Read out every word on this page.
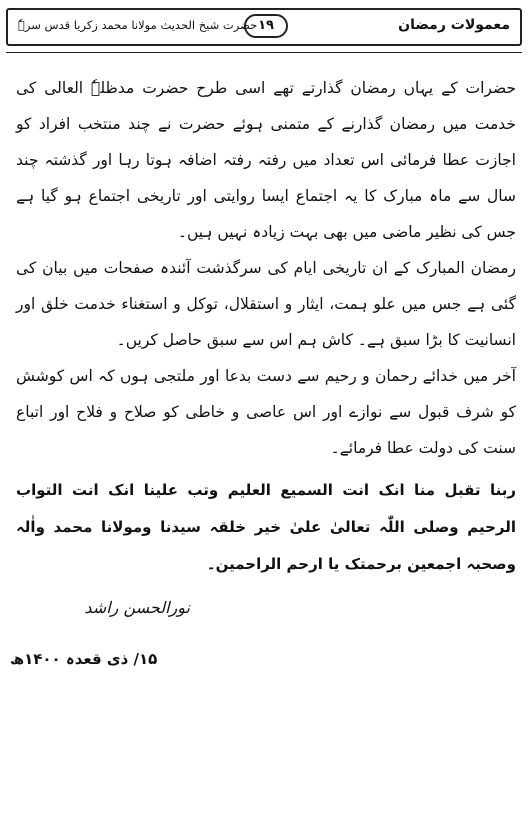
معمولات رمضان
١٩
حضرت شیخ الحدیث مولانا محمد زکریا قدس سرہٗ

حضرات کے یہاں رمضان گذارتے تھے اسی طرح حضرت مدظلہٗ العالی کی خدمت میں رمضان گذارنے کے متمنی ہوئے حضرت نے چند منتخب افراد کو اجازت عطا فرمائی اس تعداد میں رفتہ رفتہ اضافہ ہوتا رہا اور گذشتہ چند سال سے ماہ مبارک کا یہ اجتماع ایسا روایتی اور تاریخی اجتماع ہو گیا ہے جس کی نظیر ماضی میں بھی بہت زیادہ نہیں ہیں۔

رمضان المبارک کے ان تاریخی ایام کی سرگذشت آئندہ صفحات میں بیان کی گئی ہے جس میں علو ہمت، ایثار و استقلال، توکل و استغناء خدمت خلق اور انسانیت کا بڑا سبق ہے۔ کاش ہم اس سے سبق حاصل کریں۔

آخر میں خدائے رحمان و رحیم سے دست بدعا اور ملتجی ہوں کہ اس کوشش کو شرف قبول سے نوازے اور اس عاصی و خاطی کو صلاح و فلاح اور اتباع سنت کی دولت عطا فرمائے۔

ربنا تقبل منا انک انت السمیع العلیم وتب علینا انک انت التواب الرحیم وصلی اللّٰہ تعالیٰ علیٰ خیر خلقہ سیدنا ومولانا محمد واٰلہ وصحبہ اجمعین برحمتک یا ارحم الراحمین۔
نورالحسن راشد
۱۵/ ذی قعدہ ۱۴۰۰ھ
